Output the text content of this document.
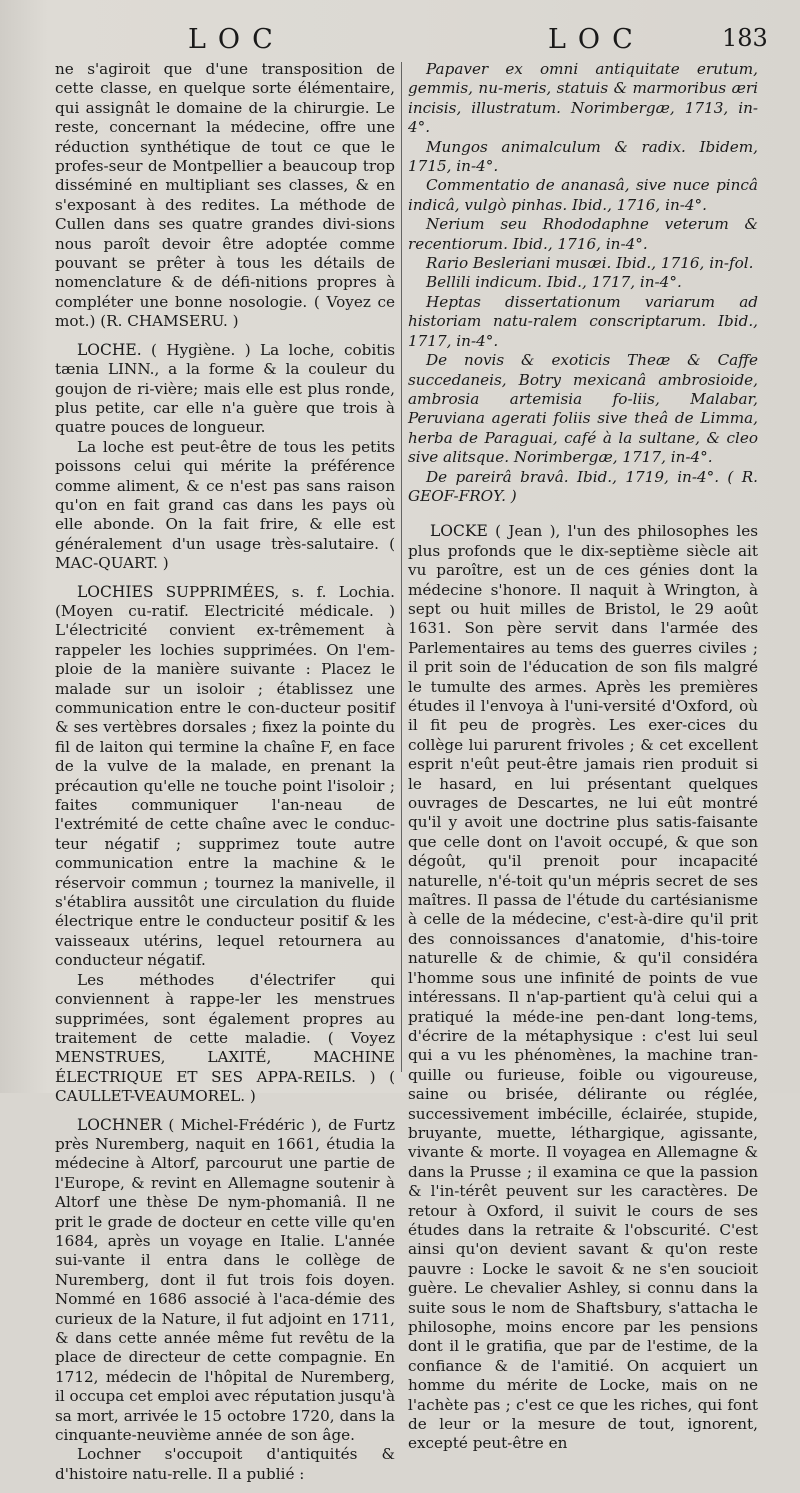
LOC	LOC	183

ne s'agiroit que d'une transposition de cette classe, en quelque sorte élémentaire, qui assignât le domaine de la chirurgie. Le reste, concernant la médecine, offre une réduction synthétique de tout ce que le profes-seur de Montpellier a beaucoup trop disséminé en multipliant ses classes, & en s'exposant à des redites. La méthode de Cullen dans ses quatre grandes divi-sions nous paroît devoir être adoptée comme pouvant se prêter à tous les détails de nomenclature & de défi-nitions propres à compléter une bonne nosologie. ( Voyez ce mot.) (R. CHAMSERU. )

LOCHE. ( Hygiène. ) La loche, cobitis tænia LINN., a la forme & la couleur du goujon de ri-vière; mais elle est plus ronde, plus petite, car elle n'a guère que trois à quatre pouces de longueur.

La loche est peut-être de tous les petits poissons celui qui mérite la préférence comme aliment, & ce n'est pas sans raison qu'on en fait grand cas dans les pays où elle abonde. On la fait frire, & elle est généralement d'un usage très-salutaire. ( MAC-QUART. )

LOCHIES SUPPRIMÉES, s. f. Lochia. (Moyen cu-ratif. Electricité médicale. ) L'électricité convient ex-trêmement à rappeler les lochies supprimées. On l'em-ploie de la manière suivante : Placez le malade sur un isoloir ; établissez une communication entre le con-ducteur positif & ses vertèbres dorsales ; fixez la pointe du fil de laiton qui termine la chaîne F, en face de la vulve de la malade, en prenant la précaution qu'elle ne touche point l'isoloir ; faites communiquer l'an-neau de l'extrémité de cette chaîne avec le conduc-teur négatif ; supprimez toute autre communication entre la machine & le réservoir commun ; tournez la manivelle, il s'établira aussitôt une circulation du fluide électrique entre le conducteur positif & les vaisseaux utérins, lequel retournera au conducteur négatif.

Les méthodes d'électrifer qui conviennent à rappe-ler les menstrues supprimées, sont également propres au traitement de cette maladie. ( Voyez MENSTRUES, LAXITÉ, MACHINE ÉLECTRIQUE ET SES APPA-REILS. ) ( CAULLET-VEAUMOREL. )

LOCHNER ( Michel-Frédéric ), de Furtz près Nuremberg, naquit en 1661, étudia la médecine à Altorf, parcourut une partie de l'Europe, & revint en Allemagne soutenir à Altorf une thèse De nym-phomaniâ. Il ne prit le grade de docteur en cette ville qu'en 1684, après un voyage en Italie. L'année sui-vante il entra dans le collège de Nuremberg, dont il fut trois fois doyen. Nommé en 1686 associé à l'aca-démie des curieux de la Nature, il fut adjoint en 1711, & dans cette année même fut revêtu de la place de directeur de cette compagnie. En 1712, médecin de l'hôpital de Nuremberg, il occupa cet emploi avec réputation jusqu'à sa mort, arrivée le 15 octobre 1720, dans la cinquante-neuvième année de son âge.

Lochner s'occupoit d'antiquités & d'histoire natu-relle. Il a publié :

Papaver ex omni antiquitate erutum, gemmis, nu-meris, statuis & marmoribus æri incisis, illustratum. Norimbergæ, 1713, in-4°.

Mungos animalculum & radix. Ibidem, 1715, in-4°.

Commentatio de ananasâ, sive nuce pincâ indicâ, vulgò pinhas. Ibid., 1716, in-4°.

Nerium seu Rhododaphne veterum & recentiorum. Ibid., 1716, in-4°.

Rario Besleriani musæi. Ibid., 1716, in-fol.

Bellili indicum. Ibid., 1717, in-4°.

Heptas dissertationum variarum ad historiam natu-ralem conscriptarum. Ibid., 1717, in-4°.

De novis & exoticis Theæ & Caffe succedaneis, Botry mexicanâ ambrosioide, ambrosia artemisia fo-liis, Malabar, Peruviana agerati foliis sive theâ de Limma, herba de Paraguai, café à la sultane, & cleo sive alitsque. Norimbergæ, 1717, in-4°.

De pareirâ bravâ. Ibid., 1719, in-4°. ( R. GEOF-FROY. )

LOCKE ( Jean ), l'un des philosophes les plus profonds que le dix-septième siècle ait vu paroître, est un de ces génies dont la médecine s'honore. Il naquit à Wrington, à sept ou huit milles de Bristol, le 29 août 1631. Son père servit dans l'armée des Parlementaires au tems des guerres civiles ; il prit soin de l'éducation de son fils malgré le tumulte des armes. Après les premières études il l'envoya à l'uni-versité d'Oxford, où il fit peu de progrès. Les exer-cices du collège lui parurent frivoles ; & cet excellent esprit n'eût peut-être jamais rien produit si le hasard, en lui présentant quelques ouvrages de Descartes, ne lui eût montré qu'il y avoit une doctrine plus satis-faisante que celle dont on l'avoit occupé, & que son dégoût, qu'il prenoit pour incapacité naturelle, n'é-toit qu'un mépris secret de ses maîtres. Il passa de l'étude du cartésianisme à celle de la médecine, c'est-à-dire qu'il prit des connoissances d'anatomie, d'his-toire naturelle & de chimie, & qu'il considéra l'homme sous une infinité de points de vue intéressans. Il n'ap-partient qu'à celui qui a pratiqué la méde-ine pen-dant long-tems, d'écrire de la métaphysique : c'est lui seul qui a vu les phénomènes, la machine tran-quille ou furieuse, foible ou vigoureuse, saine ou brisée, délirante ou réglée, successivement imbécille, éclairée, stupide, bruyante, muette, léthargique, agissante, vivante & morte. Il voyagea en Allemagne & dans la Prusse ; il examina ce que la passion & l'in-térêt peuvent sur les caractères. De retour à Oxford, il suivit le cours de ses études dans la retraite & l'obscurité. C'est ainsi qu'on devient savant & qu'on reste pauvre : Locke le savoit & ne s'en soucioit guère. Le chevalier Ashley, si connu dans la suite sous le nom de Shaftsbury, s'attacha le philosophe, moins encore par les pensions dont il le gratifia, que par de l'estime, de la confiance & de l'amitié. On acquiert un homme du mérite de Locke, mais on ne l'achète pas ; c'est ce que les riches, qui font de leur or la mesure de tout, ignorent, excepté peut-être en
